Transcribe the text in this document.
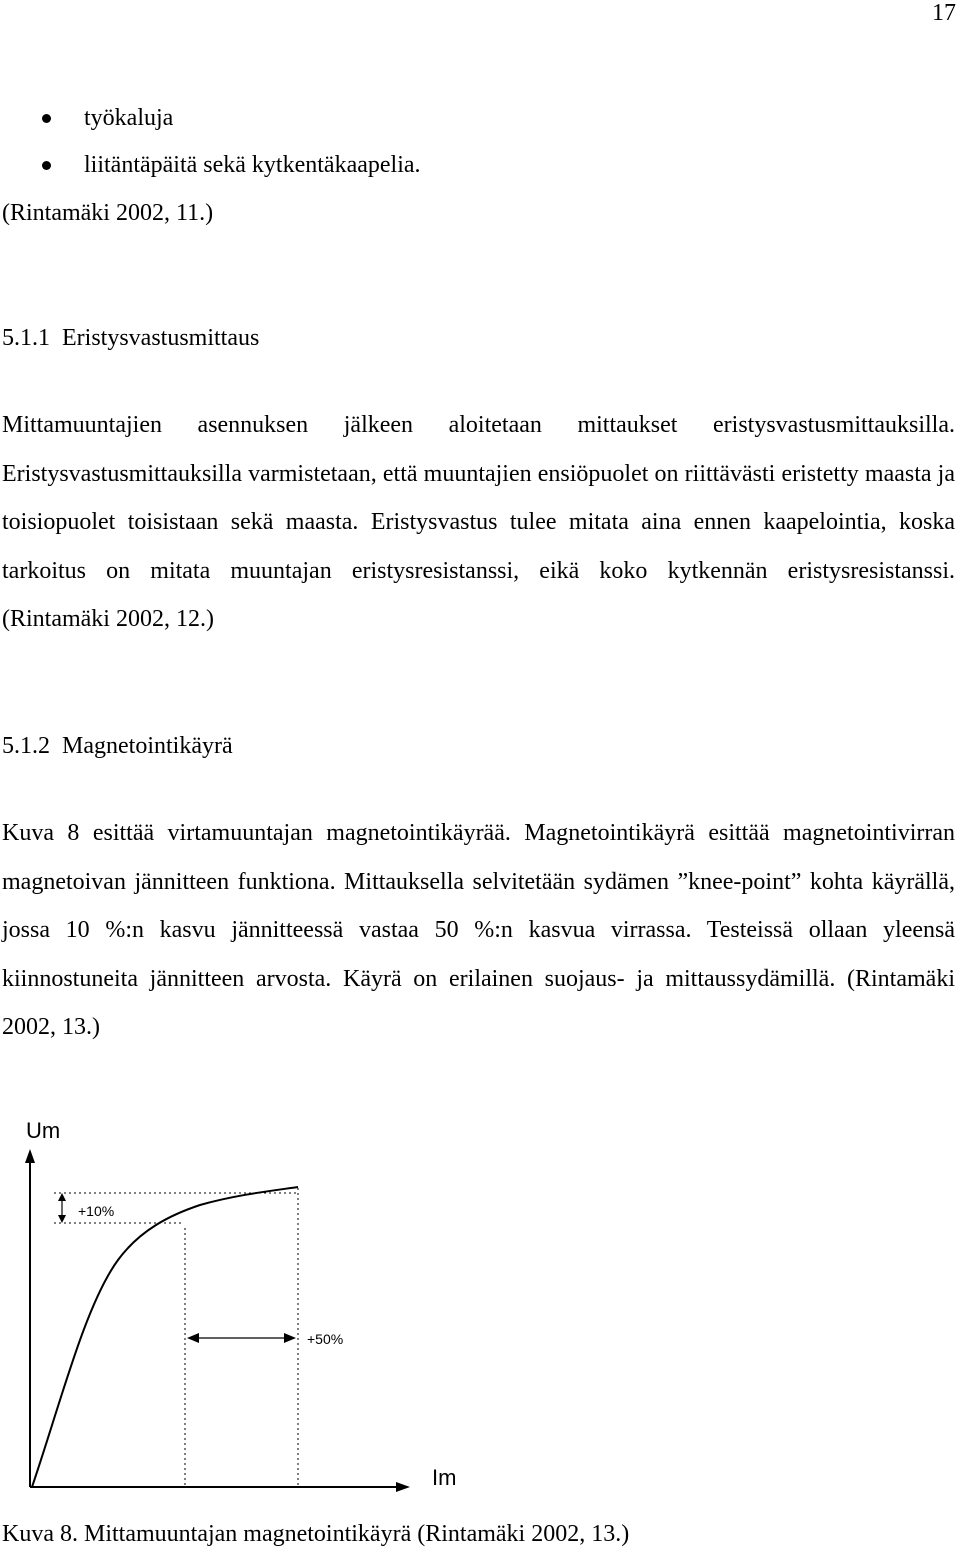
17
työkaluja
liitäntäpäitä sekä kytkentäkaapelia.
(Rintamäki 2002, 11.)
5.1.1 Eristysvastusmittaus

Mittamuuntajien asennuksen jälkeen aloitetaan mittaukset eristysvastusmittauksilla. Eristysvastusmittauksilla varmistetaan, että muuntajien ensiöpuolet on riittävästi eristetty maasta ja toisiopuolet toisistaan sekä maasta. Eristysvastus tulee mitata aina ennen kaapelointia, koska tarkoitus on mitata muuntajan eristysresistanssi, eikä koko kytkennän eristysresistanssi. (Rintamäki 2002, 12.)

5.1.2 Magnetointikäyrä

Kuva 8 esittää virtamuuntajan magnetointikäyrää. Magnetointikäyrä esittää magnetointivirran magnetoivan jännitteen funktiona. Mittauksella selvitetään sydämen ”knee-point” kohta käyrällä, jossa 10 %:n kasvu jännitteessä vastaa 50 %:n kasvua virrassa. Testeissä ollaan yleensä kiinnostuneita jännitteen arvosta. Käyrä on erilainen suojaus- ja mittaussydämillä. (Rintamäki 2002, 13.)

Um
Im
+10%
+50%
Kuva 8. Mittamuuntajan magnetointikäyrä (Rintamäki 2002, 13.)
